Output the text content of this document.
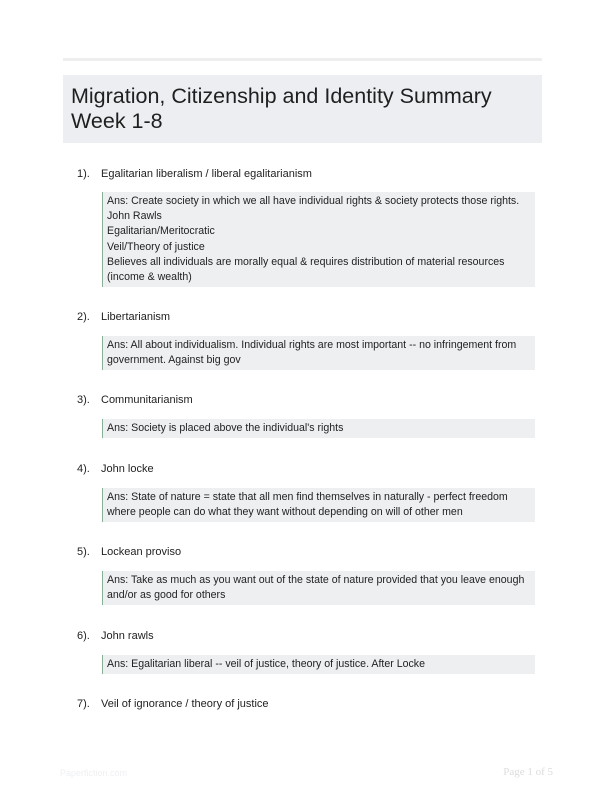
Migration, Citizenship and Identity Summary
Week 1-8
1). Egalitarian liberalism / liberal egalitarianism
Ans: Create society in which we all have individual rights & society protects those rights.
John Rawls
Egalitarian/Meritocratic
Veil/Theory of justice
Believes all individuals are morally equal & requires distribution of material resources
(income & wealth)
2). Libertarianism
Ans: All about individualism. Individual rights are most important -- no infringement from
government. Against big gov
3). Communitarianism
Ans: Society is placed above the individual's rights
4). John locke
Ans: State of nature = state that all men find themselves in naturally - perfect freedom
where people can do what they want without depending on will of other men
5). Lockean proviso
Ans: Take as much as you want out of the state of nature provided that you leave enough
and/or as good for others
6). John rawls
Ans: Egalitarian liberal -- veil of justice, theory of justice. After Locke
7). Veil of ignorance / theory of justice
Paperfiction.com	Page 1 of 5
